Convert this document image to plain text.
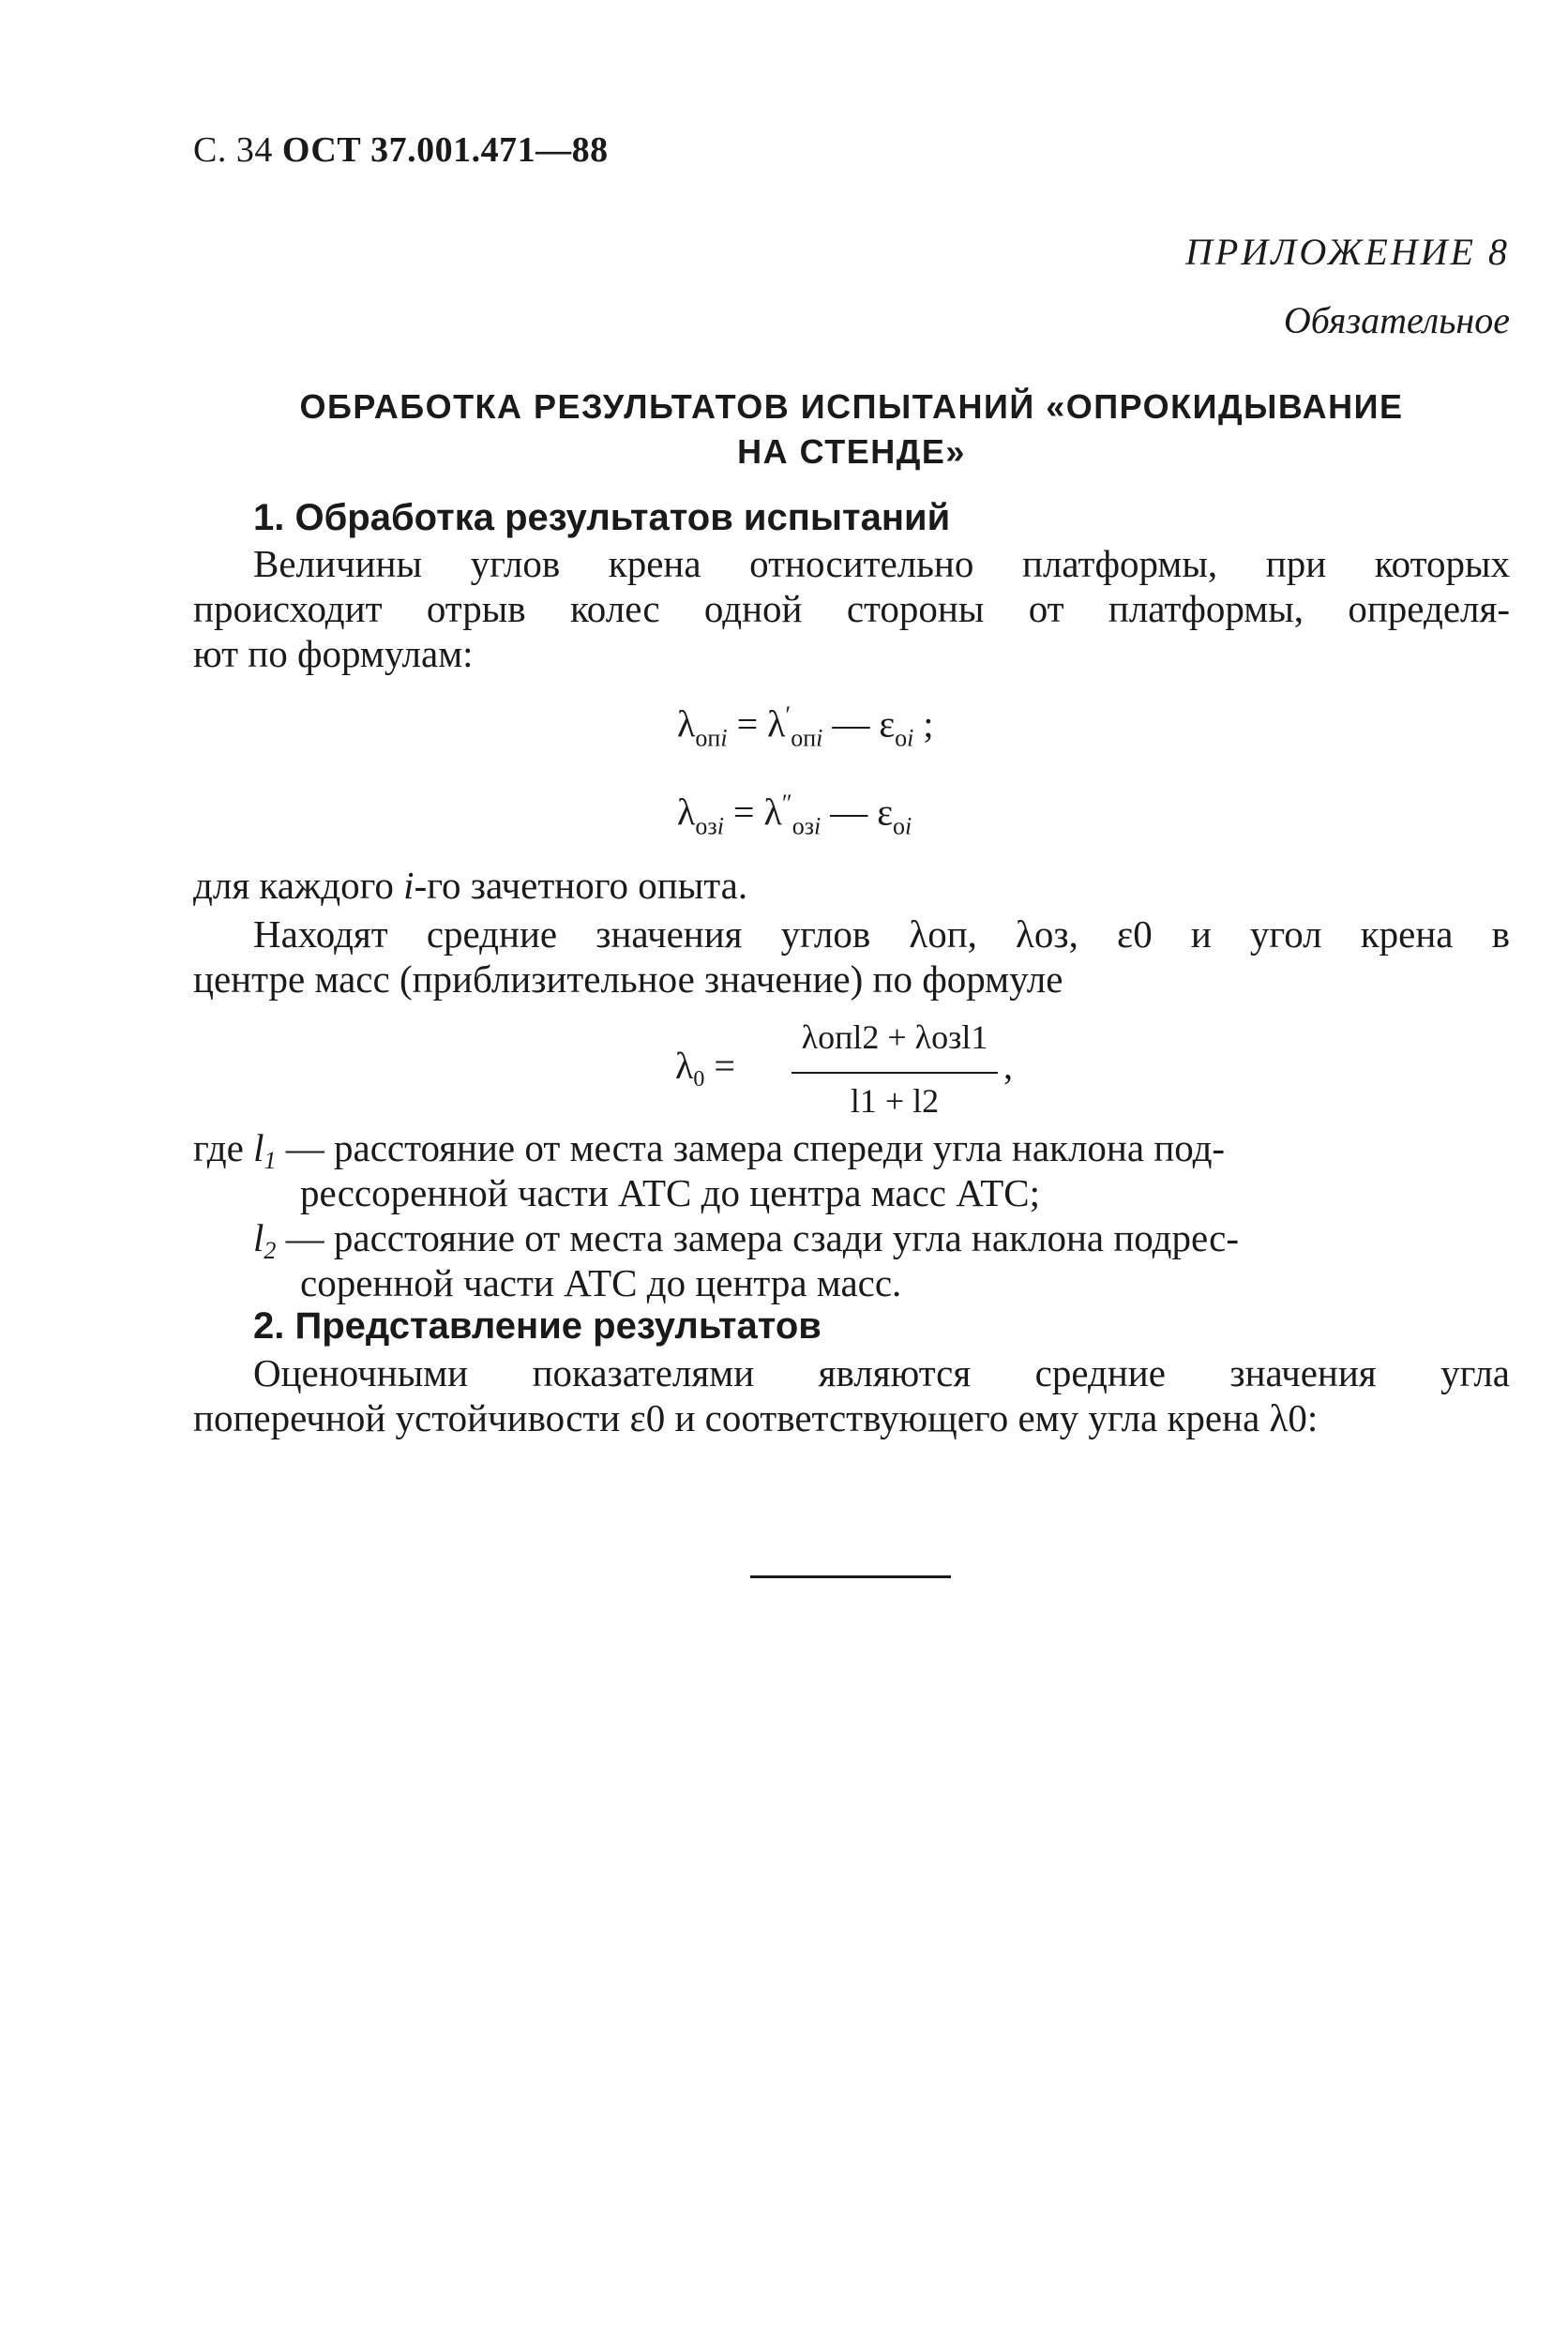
С. 34 ОСТ 37.001.471—88
ПРИЛОЖЕНИЕ 8
Обязательное
ОБРАБОТКА РЕЗУЛЬТАТОВ ИСПЫТАНИЙ «ОПРОКИДЫВАНИЕ
НА СТЕНДЕ»
1. Обработка результатов испытаний
Величины углов крена относительно платформы, при которых
происходит отрыв колес одной стороны от платформы, определя-
ют по формулам:
$\lambda_{опi} = \lambda'_{опi}$ — $\varepsilon_{оi}$ ;
$\lambda_{озi} = \lambda''_{озi}$ — $\varepsilon_{оi}$
для каждого i-го зачетного опыта.
Находят средние значения углов λоп, λоз, ε0 и угол крена в
центре масс (приблизительное значение) по формуле
$\lambda_0$ =
λопl2 + λозl1
l1 + l2
,
где $l_1$ — расстояние от места замера спереди угла наклона под-
рессоренной части АТС до центра масс АТС;
$l_2$ — расстояние от места замера сзади угла наклона подрес-
соренной части АТС до центра масс.
2. Представление результатов
Оценочными показателями являются средние значения угла
поперечной устойчивости ε0 и соответствующего ему угла крена λ0:
